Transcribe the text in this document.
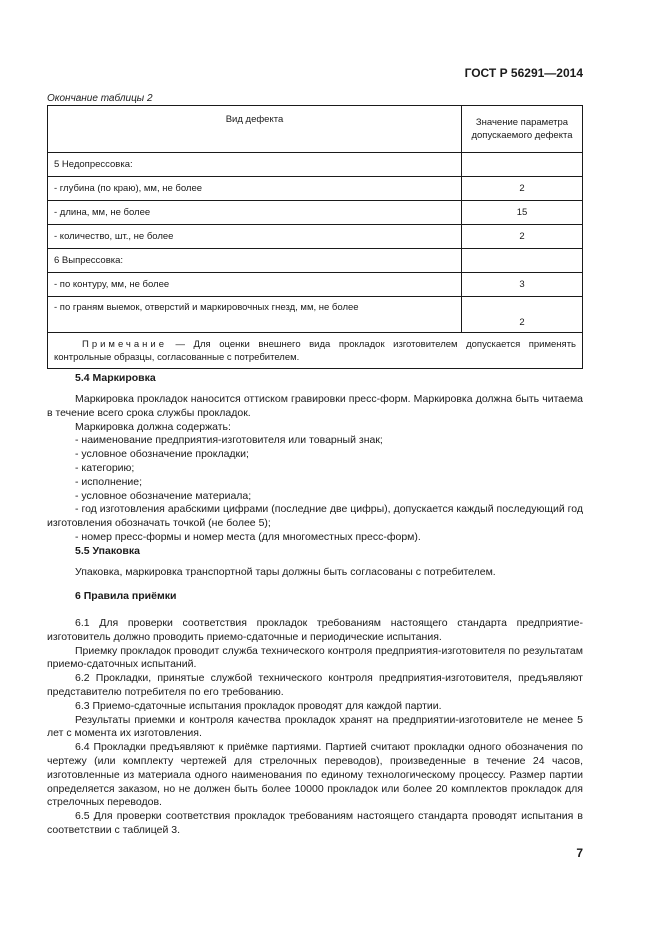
ГОСТ Р 56291—2014
Окончание таблицы 2
Вид дефекта	Значение параметра допускаемого дефекта
5 Недопрессовка:	
- глубина (по краю), мм, не более	2
- длина, мм, не более	15
- количество, шт., не более	2
6 Выпрессовка:	
- по контуру, мм, не более	3
- по граням выемок, отверстий и маркировочных гнезд, мм, не более	2
Примечание — Для оценки внешнего вида прокладок изготовителем допускается применять контрольные образцы, согласованные с потребителем.	
5.4 Маркировка

Маркировка прокладок наносится оттиском гравировки пресс-форм. Маркировка должна быть читаема в течение всего срока службы прокладок.

Маркировка должна содержать:

- наименование предприятия-изготовителя или товарный знак;
- условное обозначение прокладки;
- категорию;
- исполнение;
- условное обозначение материала;
- год изготовления арабскими цифрами (последние две цифры), допускается каждый последующий год изготовления обозначать точкой (не более 5);
- номер пресс-формы и номер места (для многоместных пресс-форм).
5.5 Упаковка

Упаковка, маркировка транспортной тары должны быть согласованы с потребителем.

6 Правила приёмки

6.1 Для проверки соответствия прокладок требованиям настоящего стандарта предприятие-изготовитель должно проводить приемо-сдаточные и периодические испытания.

Приемку прокладок проводит служба технического контроля предприятия-изготовителя по результатам приемо-сдаточных испытаний.

6.2 Прокладки, принятые службой технического контроля предприятия-изготовителя, предъявляют представителю потребителя по его требованию.

6.3 Приемо-сдаточные испытания прокладок проводят для каждой партии.

Результаты приемки и контроля качества прокладок хранят на предприятии-изготовителе не менее 5 лет с момента их изготовления.

6.4 Прокладки предъявляют к приёмке партиями. Партией считают прокладки одного обозначения по чертежу (или комплекту чертежей для стрелочных переводов), произведенные в течение 24 часов, изготовленные из материала одного наименования по единому технологическому процессу. Размер партии определяется заказом, но не должен быть более 10000 прокладок или более 20 комплектов прокладок для стрелочных переводов.

6.5 Для проверки соответствия прокладок требованиям настоящего стандарта проводят испытания в соответствии с таблицей 3.

7
